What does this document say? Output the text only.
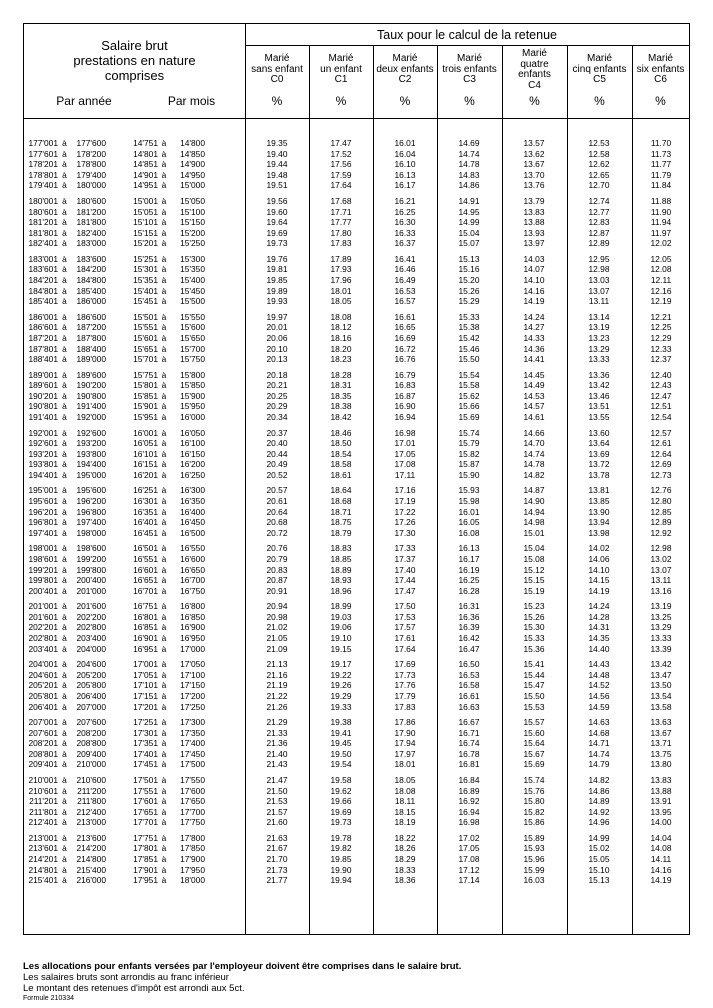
Salaire brut
prestations en nature
comprises
Taux pour le calcul de la retenue
Marié
sans enfant
C0
Marié
un enfant
C1
Marié
deux enfants
C2
Marié
trois enfants
C3
Marié
quatre
enfants
C4
Marié
cinq enfants
C5
Marié
six enfants
C6
Par année	Par mois	%	%	%	%	%	%	%
177'001 à	177'600	14'751 à	14'800	19.35	17.47	16.01	14.69	13.57	12.53	11.70
177'601 à	178'200	14'801 à	14'850	19.40	17.52	16.04	14.74	13.62	12.58	11.73
178'201 à	178'800	14'851 à	14'900	19.44	17.56	16.10	14.78	13.67	12.62	11.77
178'801 à	179'400	14'901 à	14'950	19.48	17.59	16.13	14.83	13.70	12.65	11.79
179'401 à	180'000	14'951 à	15'000	19.51	17.64	16.17	14.86	13.76	12.70	11.84
180'001 à	180'600	15'001 à	15'050	19.56	17.68	16.21	14.91	13.79	12.74	11.88
180'601 à	181'200	15'051 à	15'100	19.60	17.71	16.25	14.95	13.83	12.77	11.90
181'201 à	181'800	15'101 à	15'150	19.64	17.77	16.30	14.99	13.88	12.83	11.94
181'801 à	182'400	15'151 à	15'200	19.69	17.80	16.33	15.04	13.93	12.87	11.97
182'401 à	183'000	15'201 à	15'250	19.73	17.83	16.37	15.07	13.97	12.89	12.02
183'001 à	183'600	15'251 à	15'300	19.76	17.89	16.41	15.13	14.03	12.95	12.05
183'601 à	184'200	15'301 à	15'350	19.81	17.93	16.46	15.16	14.07	12.98	12.08
184'201 à	184'800	15'351 à	15'400	19.85	17.96	16.49	15.20	14.10	13.03	12.11
184'801 à	185'400	15'401 à	15'450	19.89	18.01	16.53	15.26	14.16	13.07	12.16
185'401 à	186'000	15'451 à	15'500	19.93	18.05	16.57	15.29	14.19	13.11	12.19
186'001 à	186'600	15'501 à	15'550	19.97	18.08	16.61	15.33	14.24	13.14	12.21
186'601 à	187'200	15'551 à	15'600	20.01	18.12	16.65	15.38	14.27	13.19	12.25
187'201 à	187'800	15'601 à	15'650	20.06	18.16	16.69	15.42	14.33	13.23	12.29
187'801 à	188'400	15'651 à	15'700	20.10	18.20	16.72	15.46	14.36	13.29	12.33
188'401 à	189'000	15'701 à	15'750	20.13	18.23	16.76	15.50	14.41	13.33	12.37
189'001 à	189'600	15'751 à	15'800	20.18	18.28	16.79	15.54	14.45	13.36	12.40
189'601 à	190'200	15'801 à	15'850	20.21	18.31	16.83	15.58	14.49	13.42	12.43
190'201 à	190'800	15'851 à	15'900	20.25	18.35	16.87	15.62	14.53	13.46	12.47
190'801 à	191'400	15'901 à	15'950	20.29	18.38	16.90	15.66	14.57	13.51	12.51
191'401 à	192'000	15'951 à	16'000	20.34	18.42	16.94	15.69	14.61	13.55	12.54
192'001 à	192'600	16'001 à	16'050	20.37	18.46	16.98	15.74	14.66	13.60	12.57
192'601 à	193'200	16'051 à	16'100	20.40	18.50	17.01	15.79	14.70	13.64	12.61
193'201 à	193'800	16'101 à	16'150	20.44	18.54	17.05	15.82	14.74	13.69	12.64
193'801 à	194'400	16'151 à	16'200	20.49	18.58	17.08	15.87	14.78	13.72	12.69
194'401 à	195'000	16'201 à	16'250	20.52	18.61	17.11	15.90	14.82	13.78	12.73
195'001 à	195'600	16'251 à	16'300	20.57	18.64	17.16	15.93	14.87	13.81	12.76
195'601 à	196'200	16'301 à	16'350	20.61	18.68	17.19	15.98	14.90	13.85	12.80
196'201 à	196'800	16'351 à	16'400	20.64	18.71	17.22	16.01	14.94	13.90	12.85
196'801 à	197'400	16'401 à	16'450	20.68	18.75	17.26	16.05	14.98	13.94	12.89
197'401 à	198'000	16'451 à	16'500	20.72	18.79	17.30	16.08	15.01	13.98	12.92
198'001 à	198'600	16'501 à	16'550	20.76	18.83	17.33	16.13	15.04	14.02	12.98
198'601 à	199'200	16'551 à	16'600	20.79	18.85	17.37	16.17	15.08	14.06	13.02
199'201 à	199'800	16'601 à	16'650	20.83	18.89	17.40	16.19	15.12	14.10	13.07
199'801 à	200'400	16'651 à	16'700	20.87	18.93	17.44	16.25	15.15	14.15	13.11
200'401 à	201'000	16'701 à	16'750	20.91	18.96	17.47	16.28	15.19	14.19	13.16
201'001 à	201'600	16'751 à	16'800	20.94	18.99	17.50	16.31	15.23	14.24	13.19
201'601 à	202'200	16'801 à	16'850	20.98	19.03	17.53	16.36	15.26	14.28	13.25
202'201 à	202'800	16'851 à	16'900	21.02	19.06	17.57	16.39	15.30	14.31	13.29
202'801 à	203'400	16'901 à	16'950	21.05	19.10	17.61	16.42	15.33	14.35	13.33
203'401 à	204'000	16'951 à	17'000	21.09	19.15	17.64	16.47	15.36	14.40	13.39
204'001 à	204'600	17'001 à	17'050	21.13	19.17	17.69	16.50	15.41	14.43	13.42
204'601 à	205'200	17'051 à	17'100	21.16	19.22	17.73	16.53	15.44	14.48	13.47
205'201 à	205'800	17'101 à	17'150	21.19	19.26	17.76	16.58	15.47	14.52	13.50
205'801 à	206'400	17'151 à	17'200	21.22	19.29	17.79	16.61	15.50	14.56	13.54
206'401 à	207'000	17'201 à	17'250	21.26	19.33	17.83	16.63	15.53	14.59	13.58
207'001 à	207'600	17'251 à	17'300	21.29	19.38	17.86	16.67	15.57	14.63	13.63
207'601 à	208'200	17'301 à	17'350	21.33	19.41	17.90	16.71	15.60	14.68	13.67
208'201 à	208'800	17'351 à	17'400	21.36	19.45	17.94	16.74	15.64	14.71	13.71
208'801 à	209'400	17'401 à	17'450	21.40	19.50	17.97	16.78	15.67	14.74	13.75
209'401 à	210'000	17'451 à	17'500	21.43	19.54	18.01	16.81	15.69	14.79	13.80
210'001 à	210'600	17'501 à	17'550	21.47	19.58	18.05	16.84	15.74	14.82	13.83
210'601 à	211'200	17'551 à	17'600	21.50	19.62	18.08	16.89	15.76	14.86	13.88
211'201 à	211'800	17'601 à	17'650	21.53	19.66	18.11	16.92	15.80	14.89	13.91
211'801 à	212'400	17'651 à	17'700	21.57	19.69	18.15	16.94	15.82	14.92	13.95
212'401 à	213'000	17'701 à	17'750	21.60	19.73	18.19	16.98	15.86	14.96	14.00
213'001 à	213'600	17'751 à	17'800	21.63	19.78	18.22	17.02	15.89	14.99	14.04
213'601 à	214'200	17'801 à	17'850	21.67	19.82	18.26	17.05	15.93	15.02	14.08
214'201 à	214'800	17'851 à	17'900	21.70	19.85	18.29	17.08	15.96	15.05	14.11
214'801 à	215'400	17'901 à	17'950	21.73	19.90	18.33	17.12	15.99	15.10	14.16
215'401 à	216'000	17'951 à	18'000	21.77	19.94	18.36	17.14	16.03	15.13	14.19
Les allocations pour enfants versées par l'employeur doivent être comprises dans le salaire brut.
Les salaires bruts sont arrondis au franc inférieur
Le montant des retenues d'impôt est arrondi aux 5ct.
Formule 210334
